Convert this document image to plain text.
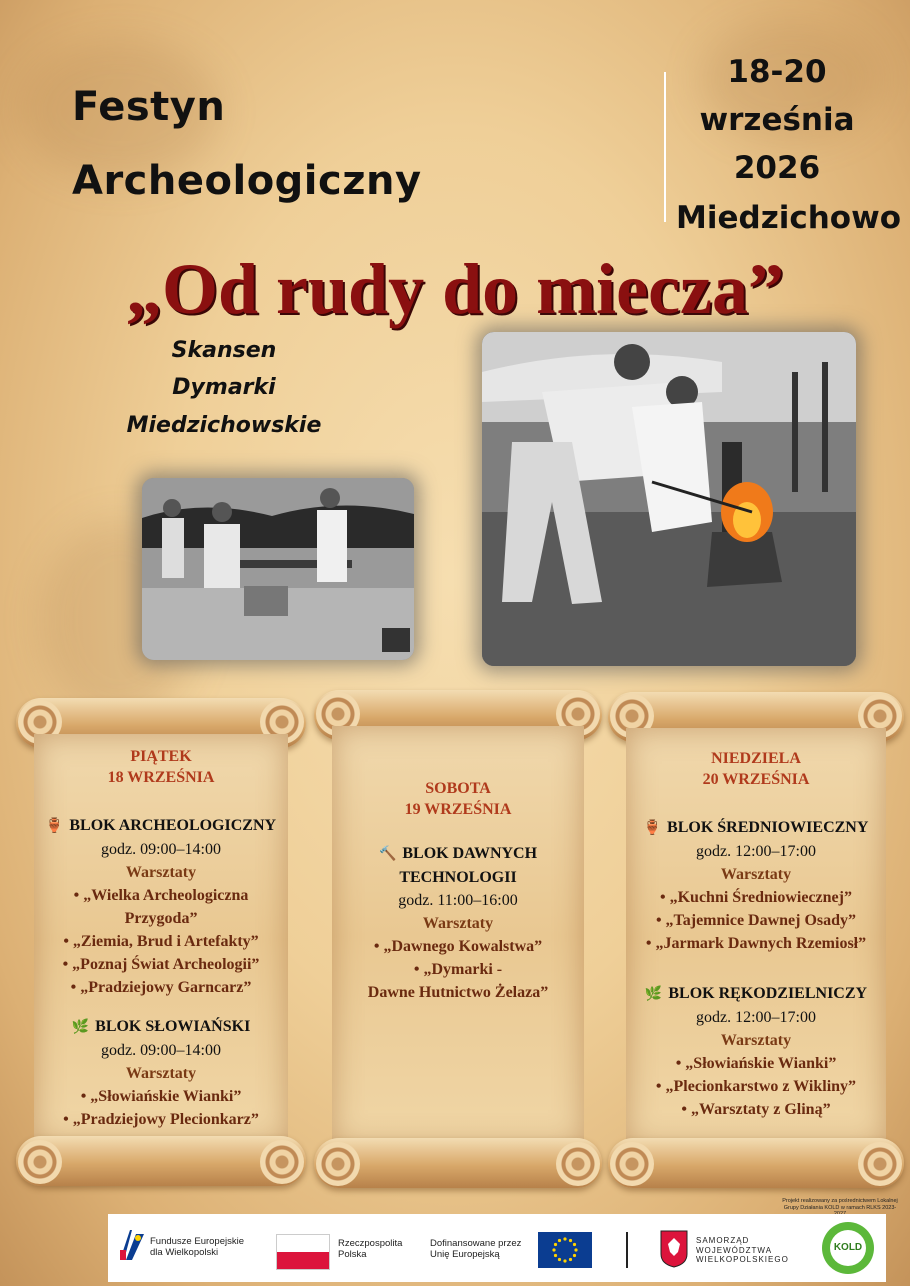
Festyn
Archeologiczny
18-20
września
2026
Miedzichowo
„Od rudy do miecza”
Skansen
Dymarki
Miedzichowskie
PIĄTEK
18 WRZEŚNIA
🏺 BLOK ARCHEOLOGICZNY
godz. 09:00–14:00
Warsztaty
• „Wielka Archeologiczna
Przygoda”
• „Ziemia, Brud i Artefakty”
• „Poznaj Świat Archeologii”
• „Pradziejowy Garncarz”
🌿 BLOK SŁOWIAŃSKI
godz. 09:00–14:00
Warsztaty
• „Słowiańskie Wianki”
• „Pradziejowy Plecionkarz”
SOBOTA
19 WRZEŚNIA
🔨 BLOK DAWNYCH
TECHNOLOGII
godz. 11:00–16:00
Warsztaty
• „Dawnego Kowalstwa”
• „Dymarki -
Dawne Hutnictwo Żelaza”
NIEDZIELA
20 WRZEŚNIA
🏺 BLOK ŚREDNIOWIECZNY
godz. 12:00–17:00
Warsztaty
• „Kuchni Średniowiecznej”
• „Tajemnice Dawnej Osady”
• „Jarmark Dawnych Rzemiosł”
🌿 BLOK RĘKODZIELNICZY
godz. 12:00–17:00
Warsztaty
• „Słowiańskie Wianki”
• „Plecionkarstwo z Wikliny”
• „Warsztaty z Gliną”
Projekt realizowany za pośrednictwem Lokalnej Grupy Działania KOLD w ramach RLKS 2023-
Fundusze Europejskie
dla Wielkopolski
Rzeczpospolita
Polska
Dofinansowane przez
Unię Europejską
SAMORZĄD
WOJEWÓDZTWA
WIELKOPOLSKIEGO
KOLD
